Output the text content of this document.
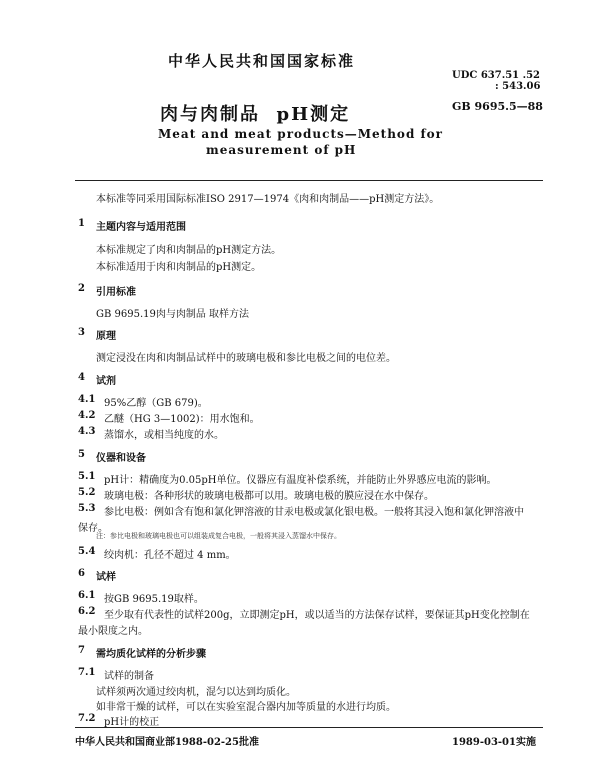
中华人民共和国国家标准
UDC 637.51 .52
: 543.06
肉与肉制品  pH测定	GB 9695.5—88
Meat and meat products—Method for
measurement of pH
本标准等同采用国际标准ISO 2917—1974《肉和肉制品——pH测定方法》。
1 主题内容与适用范围
本标准规定了肉和肉制品的pH测定方法。
本标准适用于肉和肉制品的pH测定。
2 引用标准
GB 9695.19肉与肉制品 取样方法
3 原理
测定浸没在肉和肉制品试样中的玻璃电极和参比电极之间的电位差。
4 试剂
4.1 95%乙醇（GB 679)。
4.2 乙醚（HG 3—1002)：用水饱和。
4.3 蒸馏水，或相当纯度的水。
5 仪器和设备
5.1 pH计：精确度为0.05pH单位。仪器应有温度补偿系统，并能防止外界感应电流的影响。
5.2 玻璃电极：各种形状的玻璃电极都可以用。玻璃电极的膜应浸在水中保存。
5.3 参比电极：例如含有饱和氯化钾溶液的甘汞电极或氯化银电极。一般将其浸入饱和氯化钾溶液中
保存。
注：参比电极和玻璃电极也可以组装成复合电极，一般将其浸入蒸馏水中保存。
5.4 绞肉机：孔径不超过 4 mm。
6 试样
6.1 按GB 9695.19取样。
6.2 至少取有代表性的试样200g，立即测定pH，或以适当的方法保存试样，要保证其pH变化控制在
最小限度之内。
7 需均质化试样的分析步骤
7.1 试样的制备
试样须两次通过绞肉机，混匀以达到均质化。
如非常干燥的试样，可以在实验室混合器内加等质量的水进行均质。
7.2 pH计的校正
中华人民共和国商业部1988-02-25批准	1989-03-01实施
